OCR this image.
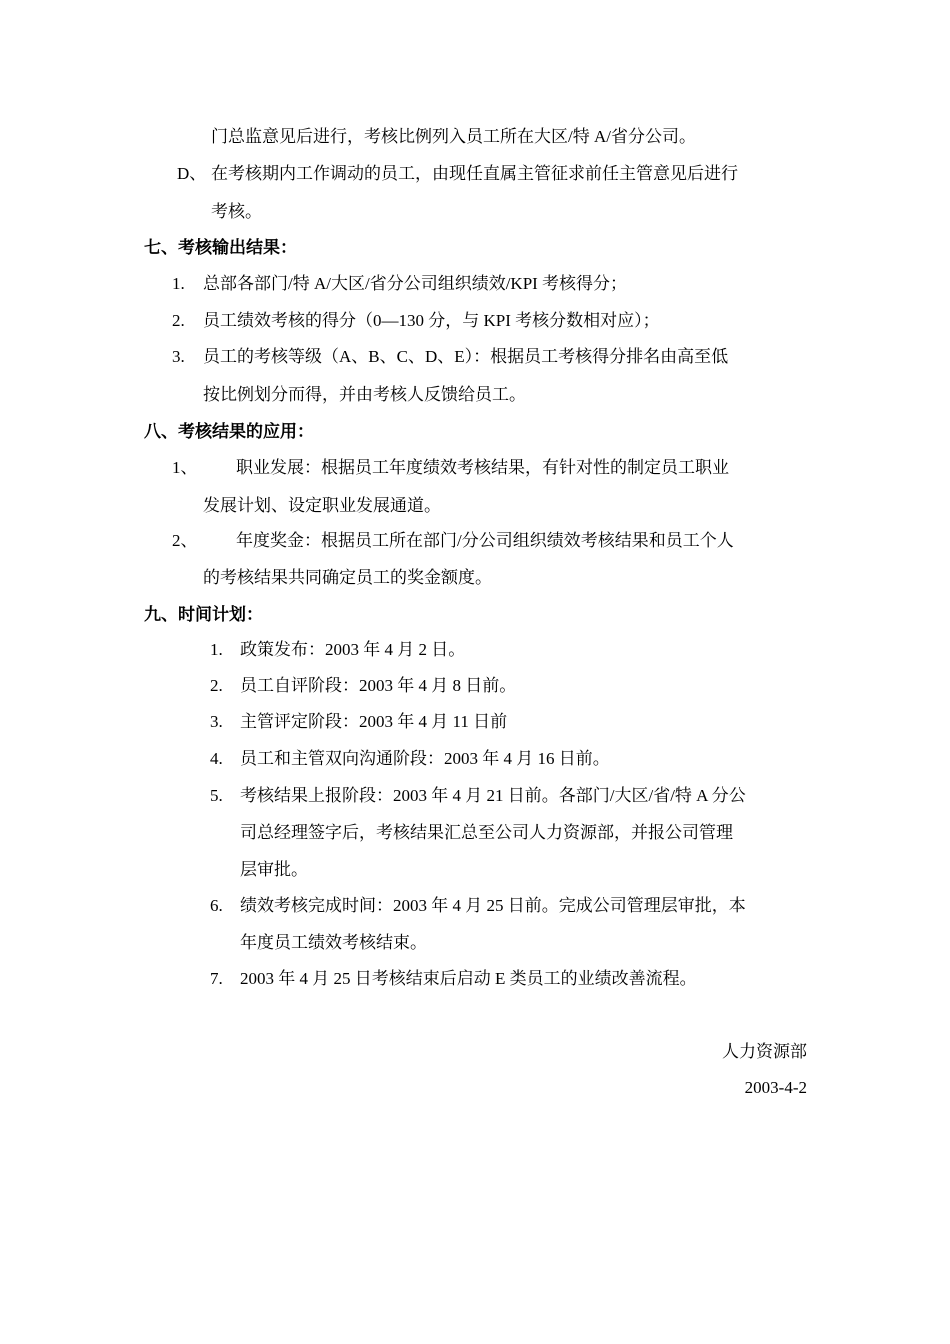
门总监意见后进行，考核比例列入员工所在大区/特 A/省分公司。
D、 在考核期内工作调动的员工，由现任直属主管征求前任主管意见后进行
考核。
七、考核输出结果：
1. 总部各部门/特 A/大区/省分公司组织绩效/KPI 考核得分；
2. 员工绩效考核的得分（0—130 分，与 KPI 考核分数相对应）；
3. 员工的考核等级（A、B、C、D、E）：根据员工考核得分排名由高至低
按比例划分而得，并由考核人反馈给员工。
八、考核结果的应用：
1、 职业发展：根据员工年度绩效考核结果，有针对性的制定员工职业
发展计划、设定职业发展通道。
2、 年度奖金：根据员工所在部门/分公司组织绩效考核结果和员工个人
的考核结果共同确定员工的奖金额度。
九、时间计划：
1. 政策发布：2003 年 4 月 2 日。
2. 员工自评阶段：2003 年 4 月 8 日前。
3. 主管评定阶段：2003 年 4 月 11 日前
4. 员工和主管双向沟通阶段：2003 年 4 月 16 日前。
5. 考核结果上报阶段：2003 年 4 月 21 日前。各部门/大区/省/特 A 分公
司总经理签字后，考核结果汇总至公司人力资源部，并报公司管理
层审批。
6. 绩效考核完成时间：2003 年 4 月 25 日前。完成公司管理层审批，本
年度员工绩效考核结束。
7. 2003 年 4 月 25 日考核结束后启动 E 类员工的业绩改善流程。
人力资源部
2003-4-2
